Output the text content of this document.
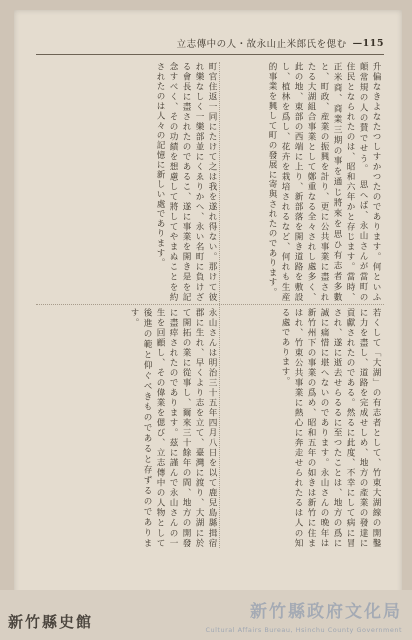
立志傳中の人・故永山止米郎氏を偲む —115
升偏なきよなたつしすかつたのであります。何といふ顛常規の人の賛でせう。　思へば、永山さんが當町の住民となられたのは、昭和六年かと存じます。當時、正米商、商業三期の事を通じ將來を思ひ有志者多數と、町政、産業の振興を計り、更に公共事業に盡されたる大湖組合事業として鄭重なる全々されし處多く、此の地、東部の西端に上り、新部落を開き道路を敷設し、植林を爲し、花卉を栽培されるなど、何れも生産的事業を興して町の發展に寄與されたのであります。
町官住返一同にたけて之は我を遂れ得ない。那けて彼れ樂なしく一樂部並にくゑりかへ、永い名町に負けざる會長に盡されたのであるこ、遂に事業を開き是を記念すべく、その功績を想慮して將してやまぬことを約されたのは人々の記憶に新しい處であります。
若くして「大湖」の有志者として、竹東大湖線の開鑿に力を盡し、道路を完成せしめ、地方の產業の發達に貢獻されたのである。然るに此度、不幸にして病に冒され、遂に逝去せらるるに至つたことは、地方の爲に誠に痛惜に堪へないのであります。永山さんの晩年は新竹州下の事業の爲め、昭和五年の如きは新竹に住まはれ、竹東公共事業に熱心に奔走せられたるは人の知る處であります。
永山さんは明治三十五年四月八日を以て鹿兒島縣揖宿郡に生れ、早くより志を立て、臺灣に渡り、大湖に於て開拓の業に從事し、爾來三十餘年の間、地方の開發に盡瘁されたのであります。茲に謹んで永山さんの一生を回顧し、その偉業を偲び、立志傳中の人物として後進の範と仰ぐべきものであると存ずるのであります。
新竹縣史館	新竹縣政府文化局
Cultural Affairs Bureau, Hsinchu County Government
